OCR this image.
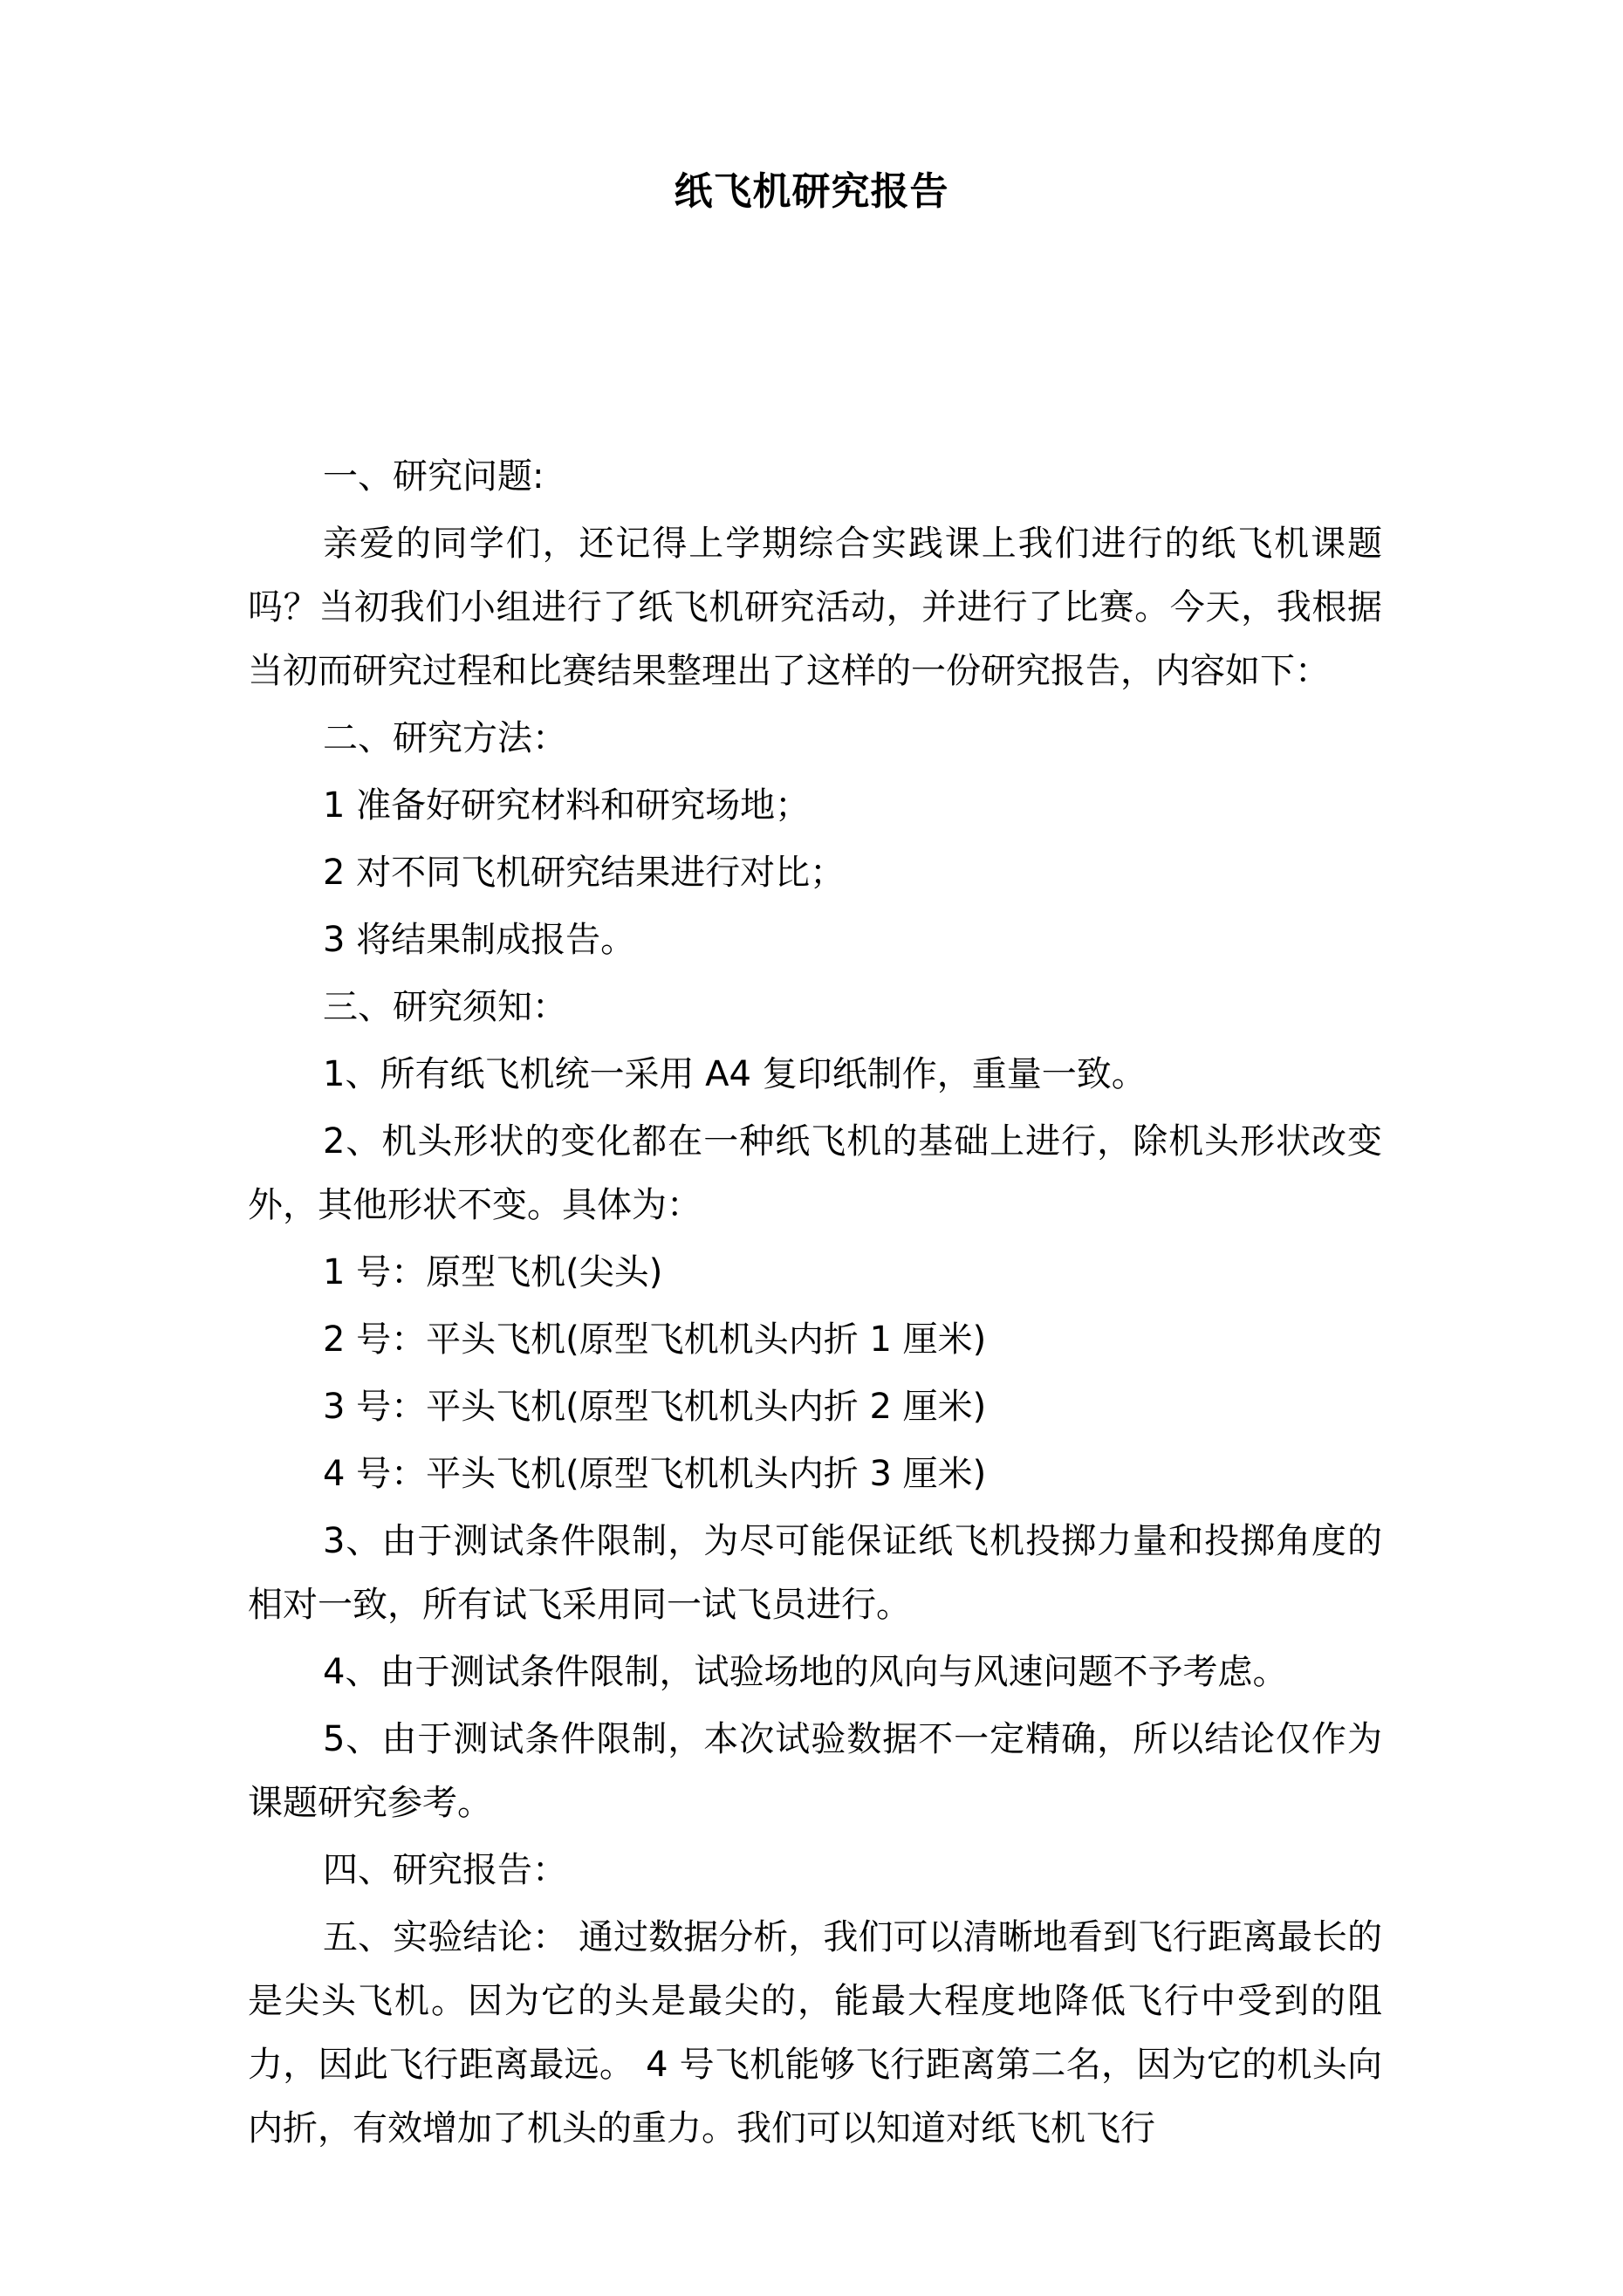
纸飞机研究报告

一、研究问题:

亲爱的同学们，还记得上学期综合实践课上我们进行的纸飞机课题吗？当初我们小组进行了纸飞机研究活动，并进行了比赛。今天，我根据当初而研究过程和比赛结果整理出了这样的一份研究报告，内容如下：

二、研究方法：

1 准备好研究材料和研究场地；

2 对不同飞机研究结果进行对比；

3 将结果制成报告。

三、研究须知：

1、所有纸飞机统一采用 A4 复印纸制作，重量一致。

2、机头形状的变化都在一种纸飞机的基础上进行，除机头形状改变外，其他形状不变。具体为：

1 号：原型飞机(尖头)

2 号：平头飞机(原型飞机机头内折 1 厘米)

3 号：平头飞机(原型飞机机头内折 2 厘米)

4 号：平头飞机(原型飞机机头内折 3 厘米)

3、由于测试条件限制，为尽可能保证纸飞机投掷力量和投掷角度的相对一致，所有试飞采用同一试飞员进行。

4、由于测试条件限制，试验场地的风向与风速问题不予考虑。

5、由于测试条件限制，本次试验数据不一定精确，所以结论仅作为课题研究参考。

四、研究报告：

五、实验结论： 通过数据分析，我们可以清晰地看到飞行距离最长的是尖头飞机。因为它的头是最尖的，能最大程度地降低飞行中受到的阻力，因此飞行距离最远。 4 号飞机能够飞行距离第二名，因为它的机头向内折，有效增加了机头的重力。我们可以知道对纸飞机飞行
